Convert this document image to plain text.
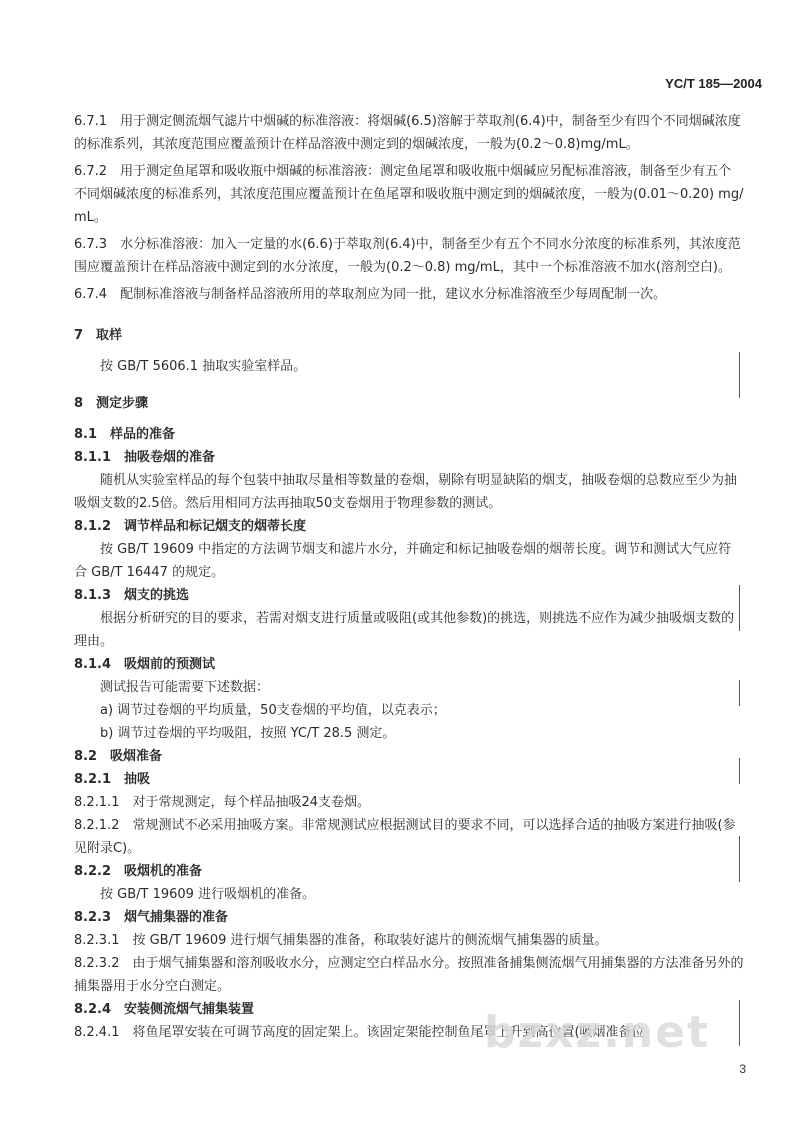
YC/T 185—2004

6.7.1　用于测定侧流烟气滤片中烟碱的标准溶液：将烟碱(6.5)溶解于萃取剂(6.4)中，制备至少有四个不同烟碱浓度的标准系列，其浓度范围应覆盖预计在样品溶液中测定到的烟碱浓度，一般为(0.2～0.8)mg/mL。

6.7.2　用于测定鱼尾罩和吸收瓶中烟碱的标准溶液：测定鱼尾罩和吸收瓶中烟碱应另配标准溶液，制备至少有五个不同烟碱浓度的标准系列，其浓度范围应覆盖预计在鱼尾罩和吸收瓶中测定到的烟碱浓度，一般为(0.01～0.20) mg/mL。

6.7.3　水分标准溶液：加入一定量的水(6.6)于萃取剂(6.4)中，制备至少有五个不同水分浓度的标准系列，其浓度范围应覆盖预计在样品溶液中测定到的水分浓度，一般为(0.2～0.8) mg/mL，其中一个标准溶液不加水(溶剂空白)。

6.7.4　配制标准溶液与制备样品溶液所用的萃取剂应为同一批，建议水分标准溶液至少每周配制一次。

7　取样

按 GB/T 5606.1 抽取实验室样品。

8　测定步骤

8.1　样品的准备

8.1.1　抽吸卷烟的准备

随机从实验室样品的每个包装中抽取尽量相等数量的卷烟，剔除有明显缺陷的烟支，抽吸卷烟的总数应至少为抽吸烟支数的2.5倍。然后用相同方法再抽取50支卷烟用于物理参数的测试。

8.1.2　调节样品和标记烟支的烟蒂长度

按 GB/T 19609 中指定的方法调节烟支和滤片水分，并确定和标记抽吸卷烟的烟蒂长度。调节和测试大气应符合 GB/T 16447 的规定。

8.1.3　烟支的挑选

根据分析研究的目的要求，若需对烟支进行质量或吸阻(或其他参数)的挑选，则挑选不应作为减少抽吸烟支数的理由。

8.1.4　吸烟前的预测试

测试报告可能需要下述数据：

a) 调节过卷烟的平均质量，50支卷烟的平均值，以克表示；

b) 调节过卷烟的平均吸阻，按照 YC/T 28.5 测定。

8.2　吸烟准备

8.2.1　抽吸

8.2.1.1　对于常规测定，每个样品抽吸24支卷烟。

8.2.1.2　常规测试不必采用抽吸方案。非常规测试应根据测试目的要求不同，可以选择合适的抽吸方案进行抽吸(参见附录C)。

8.2.2　吸烟机的准备

按 GB/T 19609 进行吸烟机的准备。

8.2.3　烟气捕集器的准备

8.2.3.1　按 GB/T 19609 进行烟气捕集器的准备，称取装好滤片的侧流烟气捕集器的质量。

8.2.3.2　由于烟气捕集器和溶剂吸收水分，应测定空白样品水分。按照准备捕集侧流烟气用捕集器的方法准备另外的捕集器用于水分空白测定。

8.2.4　安装侧流烟气捕集装置

8.2.4.1　将鱼尾罩安装在可调节高度的固定架上。该固定架能控制鱼尾罩上升到高位置(吸烟准备位

bzxz.net
3
